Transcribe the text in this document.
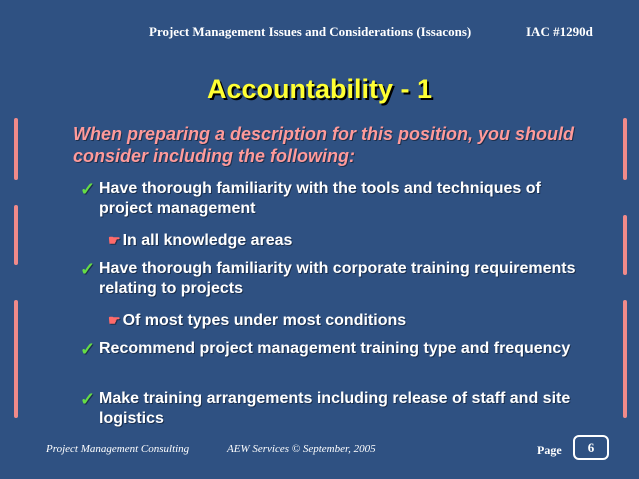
Project Management Issues and Considerations (Issacons)	IAC #1290d
Accountability - 1
When preparing a description for this position, you should consider including the following:
✓ Have thorough familiarity with the tools and techniques of project management
☛ In all knowledge areas
✓ Have thorough familiarity with corporate training requirements relating to projects
☛ Of most types under most conditions
✓ Recommend project management training type and frequency
✓ Make training arrangements including release of staff and site logistics
Project Management Consulting	AEW Services © September, 2005	Page	6
